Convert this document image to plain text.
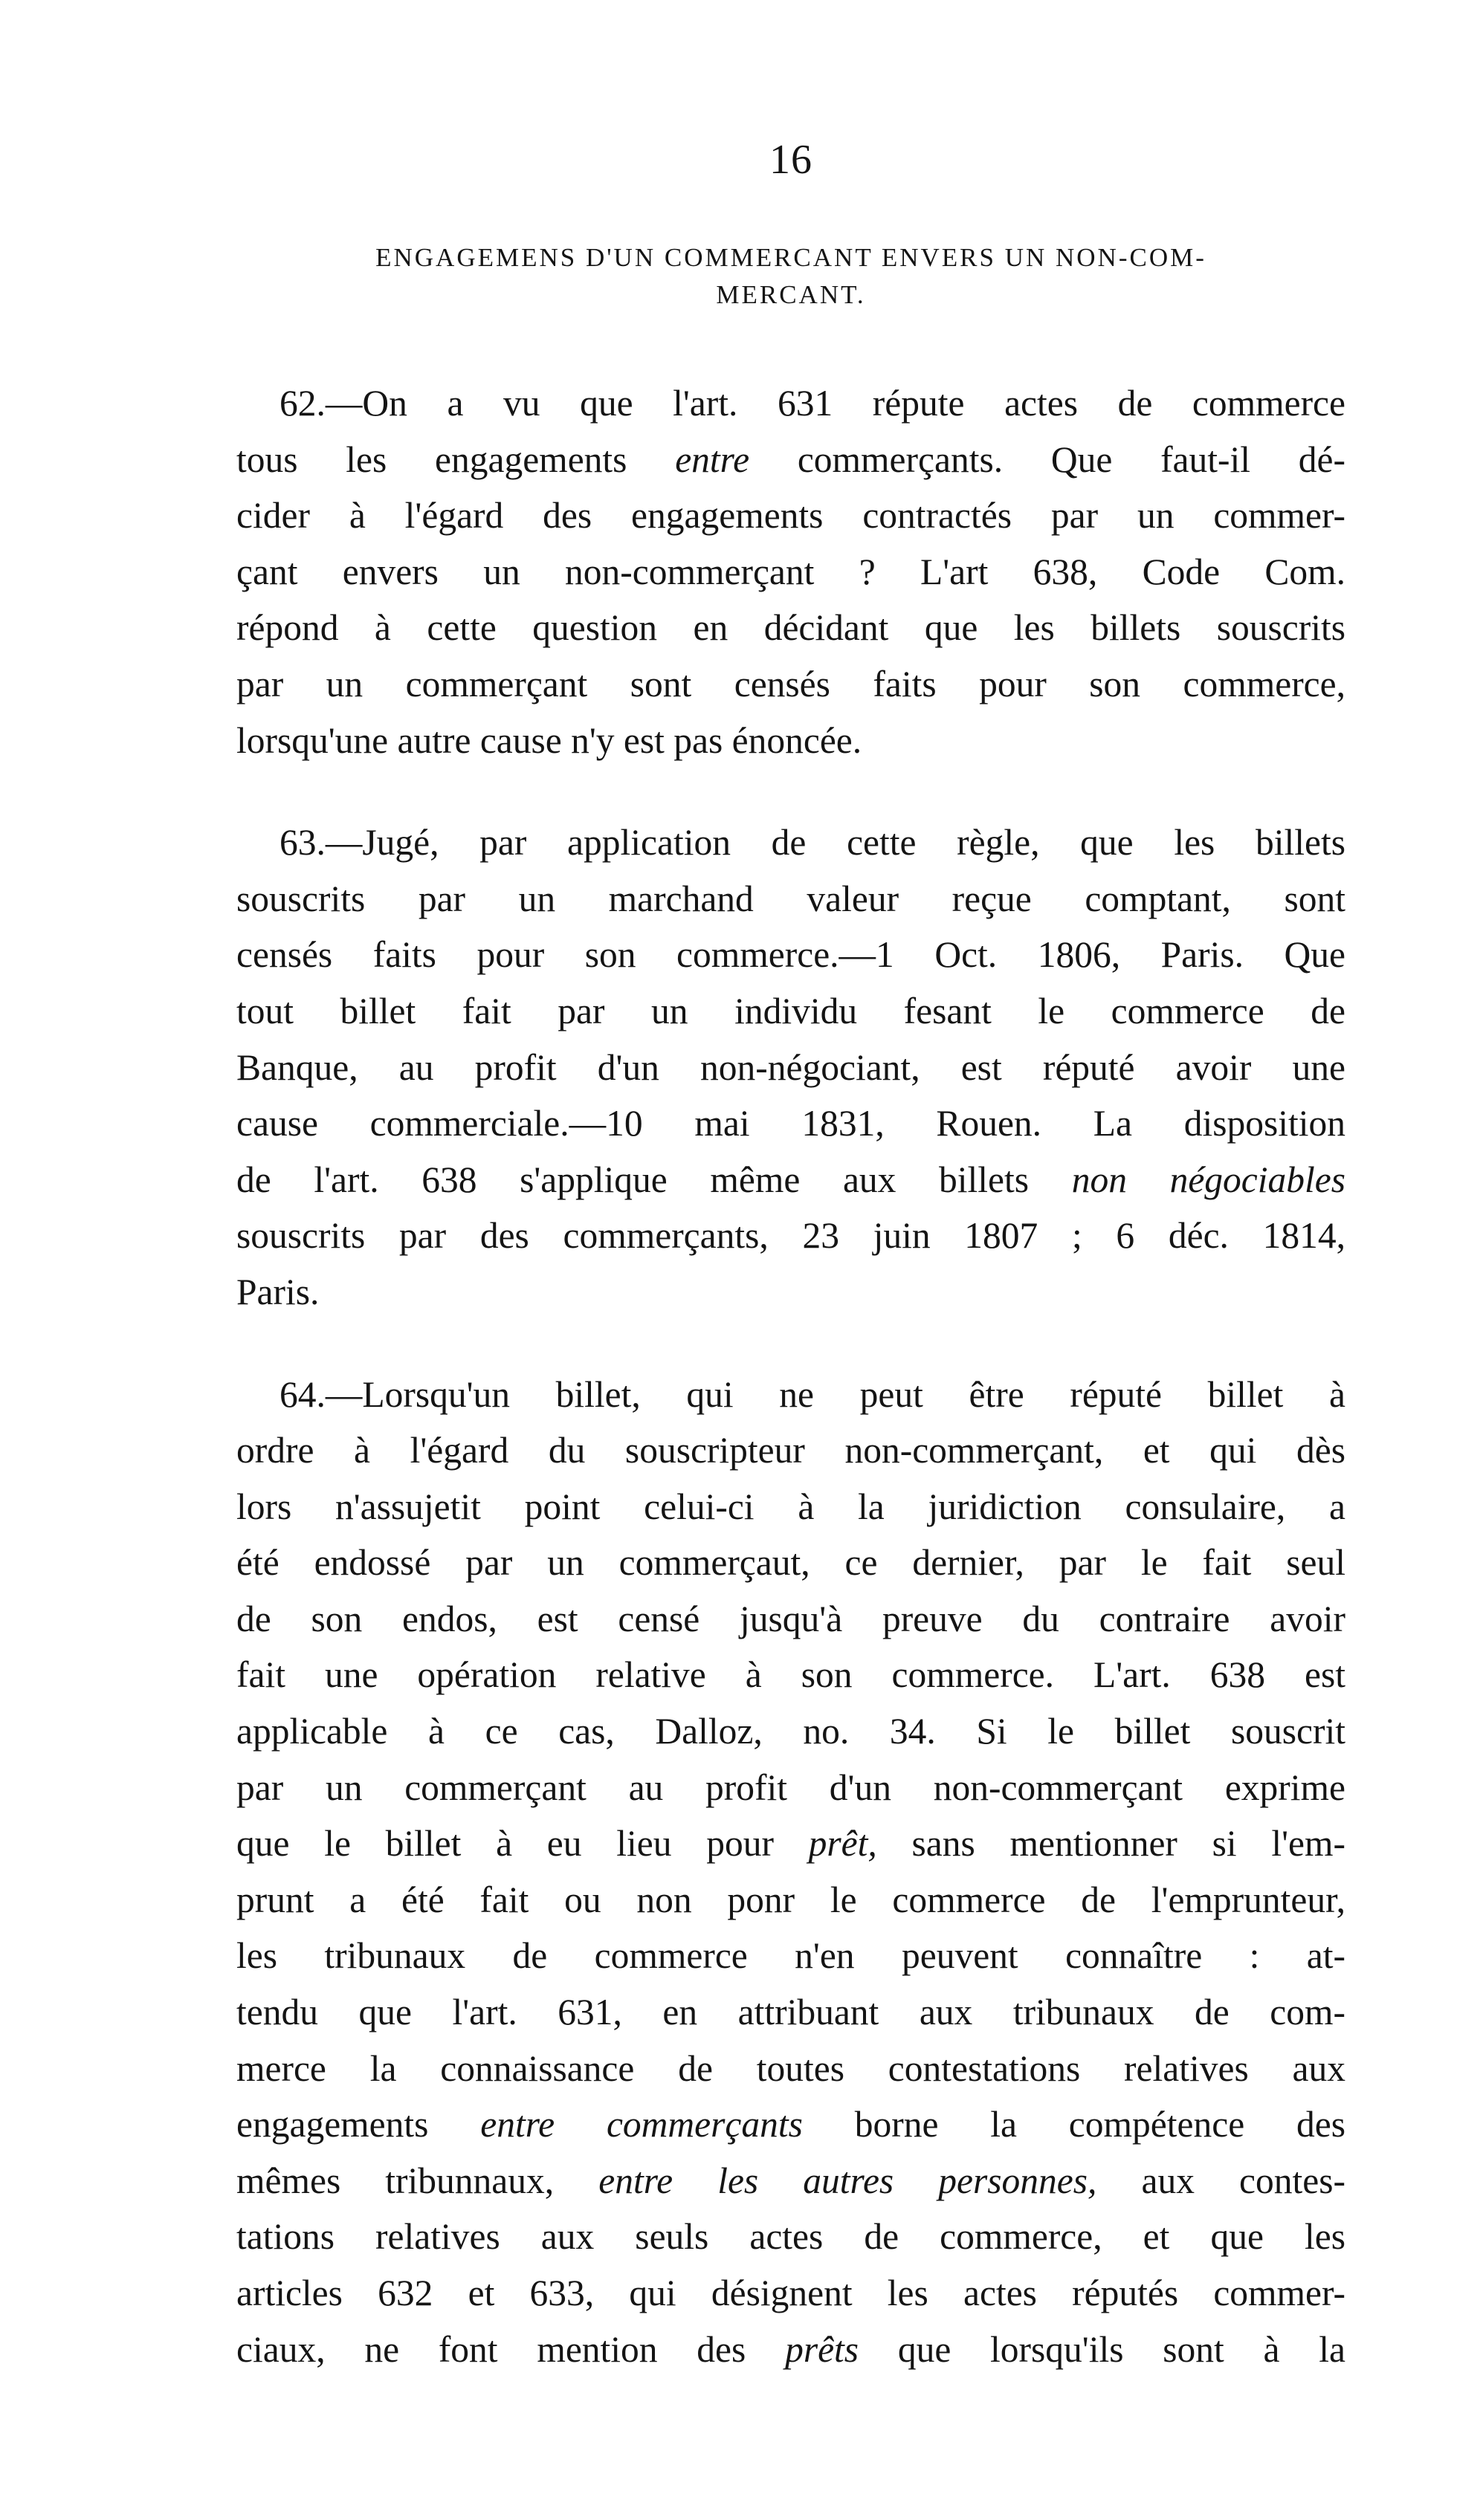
16
ENGAGEMENS D'UN COMMERCANT ENVERS UN NON-COM-
MERCANT.
62.—On a vu que l'art. 631 répute actes de commerce
tous les engagements entre commerçants. Que faut-il dé-
cider à l'égard des engagements contractés par un commer-
çant envers un non-commerçant ? L'art 638, Code Com.
répond à cette question en décidant que les billets souscrits
par un commerçant sont censés faits pour son commerce,
lorsqu'une autre cause n'y est pas énoncée.
63.—Jugé, par application de cette règle, que les billets
souscrits par un marchand valeur reçue comptant, sont
censés faits pour son commerce.—1 Oct. 1806, Paris. Que
tout billet fait par un individu fesant le commerce de
Banque, au profit d'un non-négociant, est réputé avoir une
cause commerciale.—10 mai 1831, Rouen. La disposition
de l'art. 638 s'applique même aux billets non négociables
souscrits par des commerçants, 23 juin 1807 ; 6 déc. 1814,
Paris.
64.—Lorsqu'un billet, qui ne peut être réputé billet à
ordre à l'égard du souscripteur non-commerçant, et qui dès
lors n'assujetit point celui-ci à la juridiction consulaire, a
été endossé par un commerçaut, ce dernier, par le fait seul
de son endos, est censé jusqu'à preuve du contraire avoir
fait une opération relative à son commerce. L'art. 638 est
applicable à ce cas, Dalloz, no. 34. Si le billet souscrit
par un commerçant au profit d'un non-commerçant exprime
que le billet à eu lieu pour prêt, sans mentionner si l'em-
prunt a été fait ou non ponr le commerce de l'emprunteur,
les tribunaux de commerce n'en peuvent connaître : at-
tendu que l'art. 631, en attribuant aux tribunaux de com-
merce la connaissance de toutes contestations relatives aux
engagements entre commerçants borne la compétence des
mêmes tribunnaux, entre les autres personnes, aux contes-
tations relatives aux seuls actes de commerce, et que les
articles 632 et 633, qui désignent les actes réputés commer-
ciaux, ne font mention des prêts que lorsqu'ils sont à la
